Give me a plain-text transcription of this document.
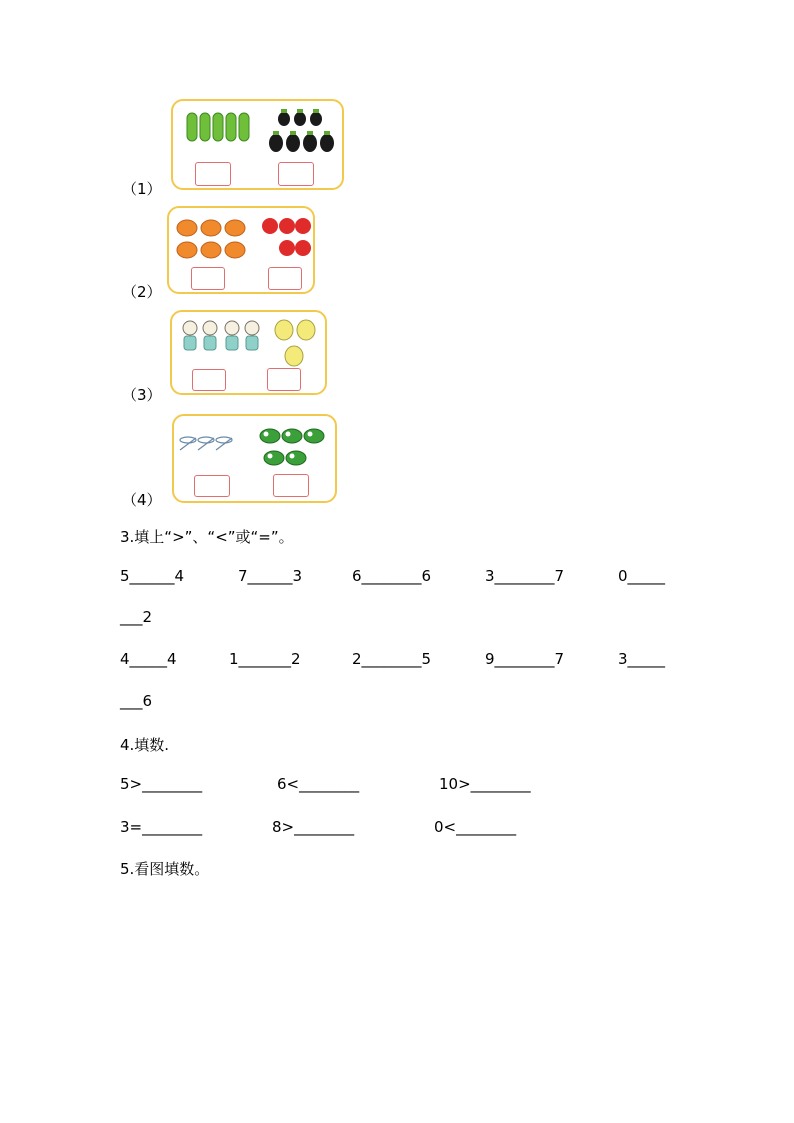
（1）
（2）
（3）
（4）
3.填上“>”、“<”或“=”。
5______4	7______3	6________6	3________7	0_____
___2
4_____4	1_______2	2________5	9________7	3_____
___6
4.填数.
5>________	6<________	10>________
3=________	8>________	0<________
5.看图填数。
